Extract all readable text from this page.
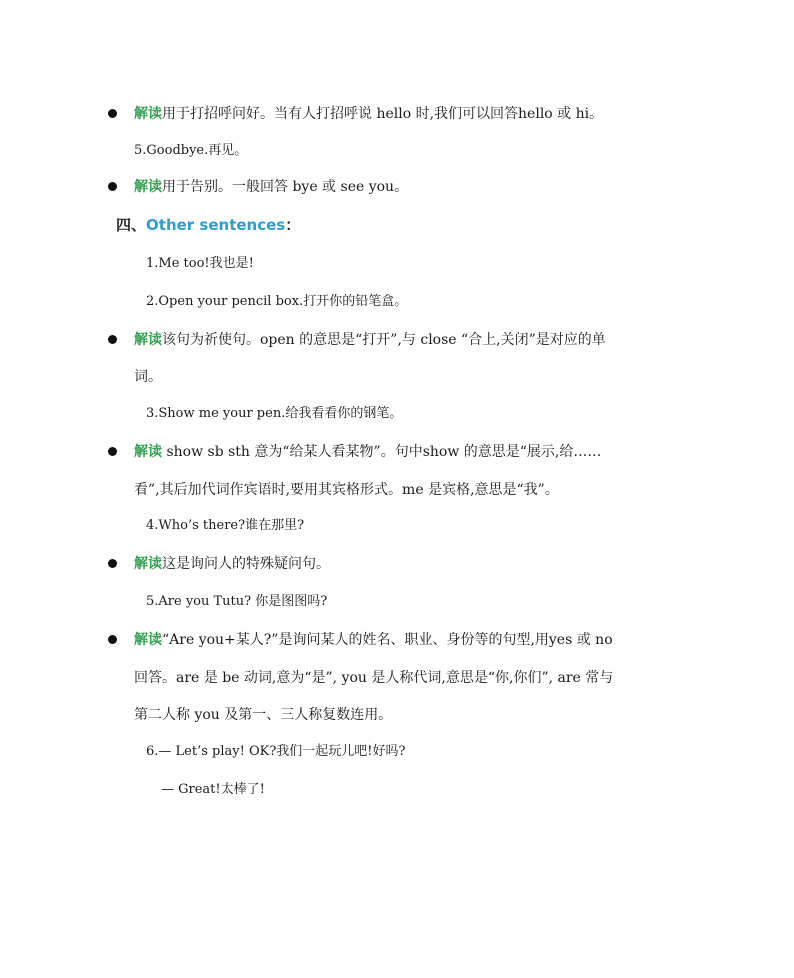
解读用于打招呼问好。当有人打招呼说 hello 时,我们可以回答hello 或 hi。
5.Goodbye.再见。
解读用于告别。一般回答 bye 或 see you。
四、Other sentences：
1.Me too!我也是!
2.Open your pencil box.打开你的铅笔盒。
解读该句为祈使句。open 的意思是“打开”,与 close “合上,关闭”是对应的单
词。
3.Show me your pen.给我看看你的钢笔。
解读 show sb sth 意为“给某人看某物”。句中show 的意思是“展示,给……
看”,其后加代词作宾语时,要用其宾格形式。me 是宾格,意思是“我”。
4.Who’s there?谁在那里?
解读这是询问人的特殊疑问句。
5.Are you Tutu? 你是图图吗?
解读“Are you+某人?”是询问某人的姓名、职业、身份等的句型,用yes 或 no
回答。are 是 be 动词,意为“是”, you 是人称代词,意思是“你,你们”, are 常与
第二人称 you 及第一、三人称复数连用。
6.— Let’s play! OK?我们一起玩儿吧!好吗?
— Great!太棒了!
